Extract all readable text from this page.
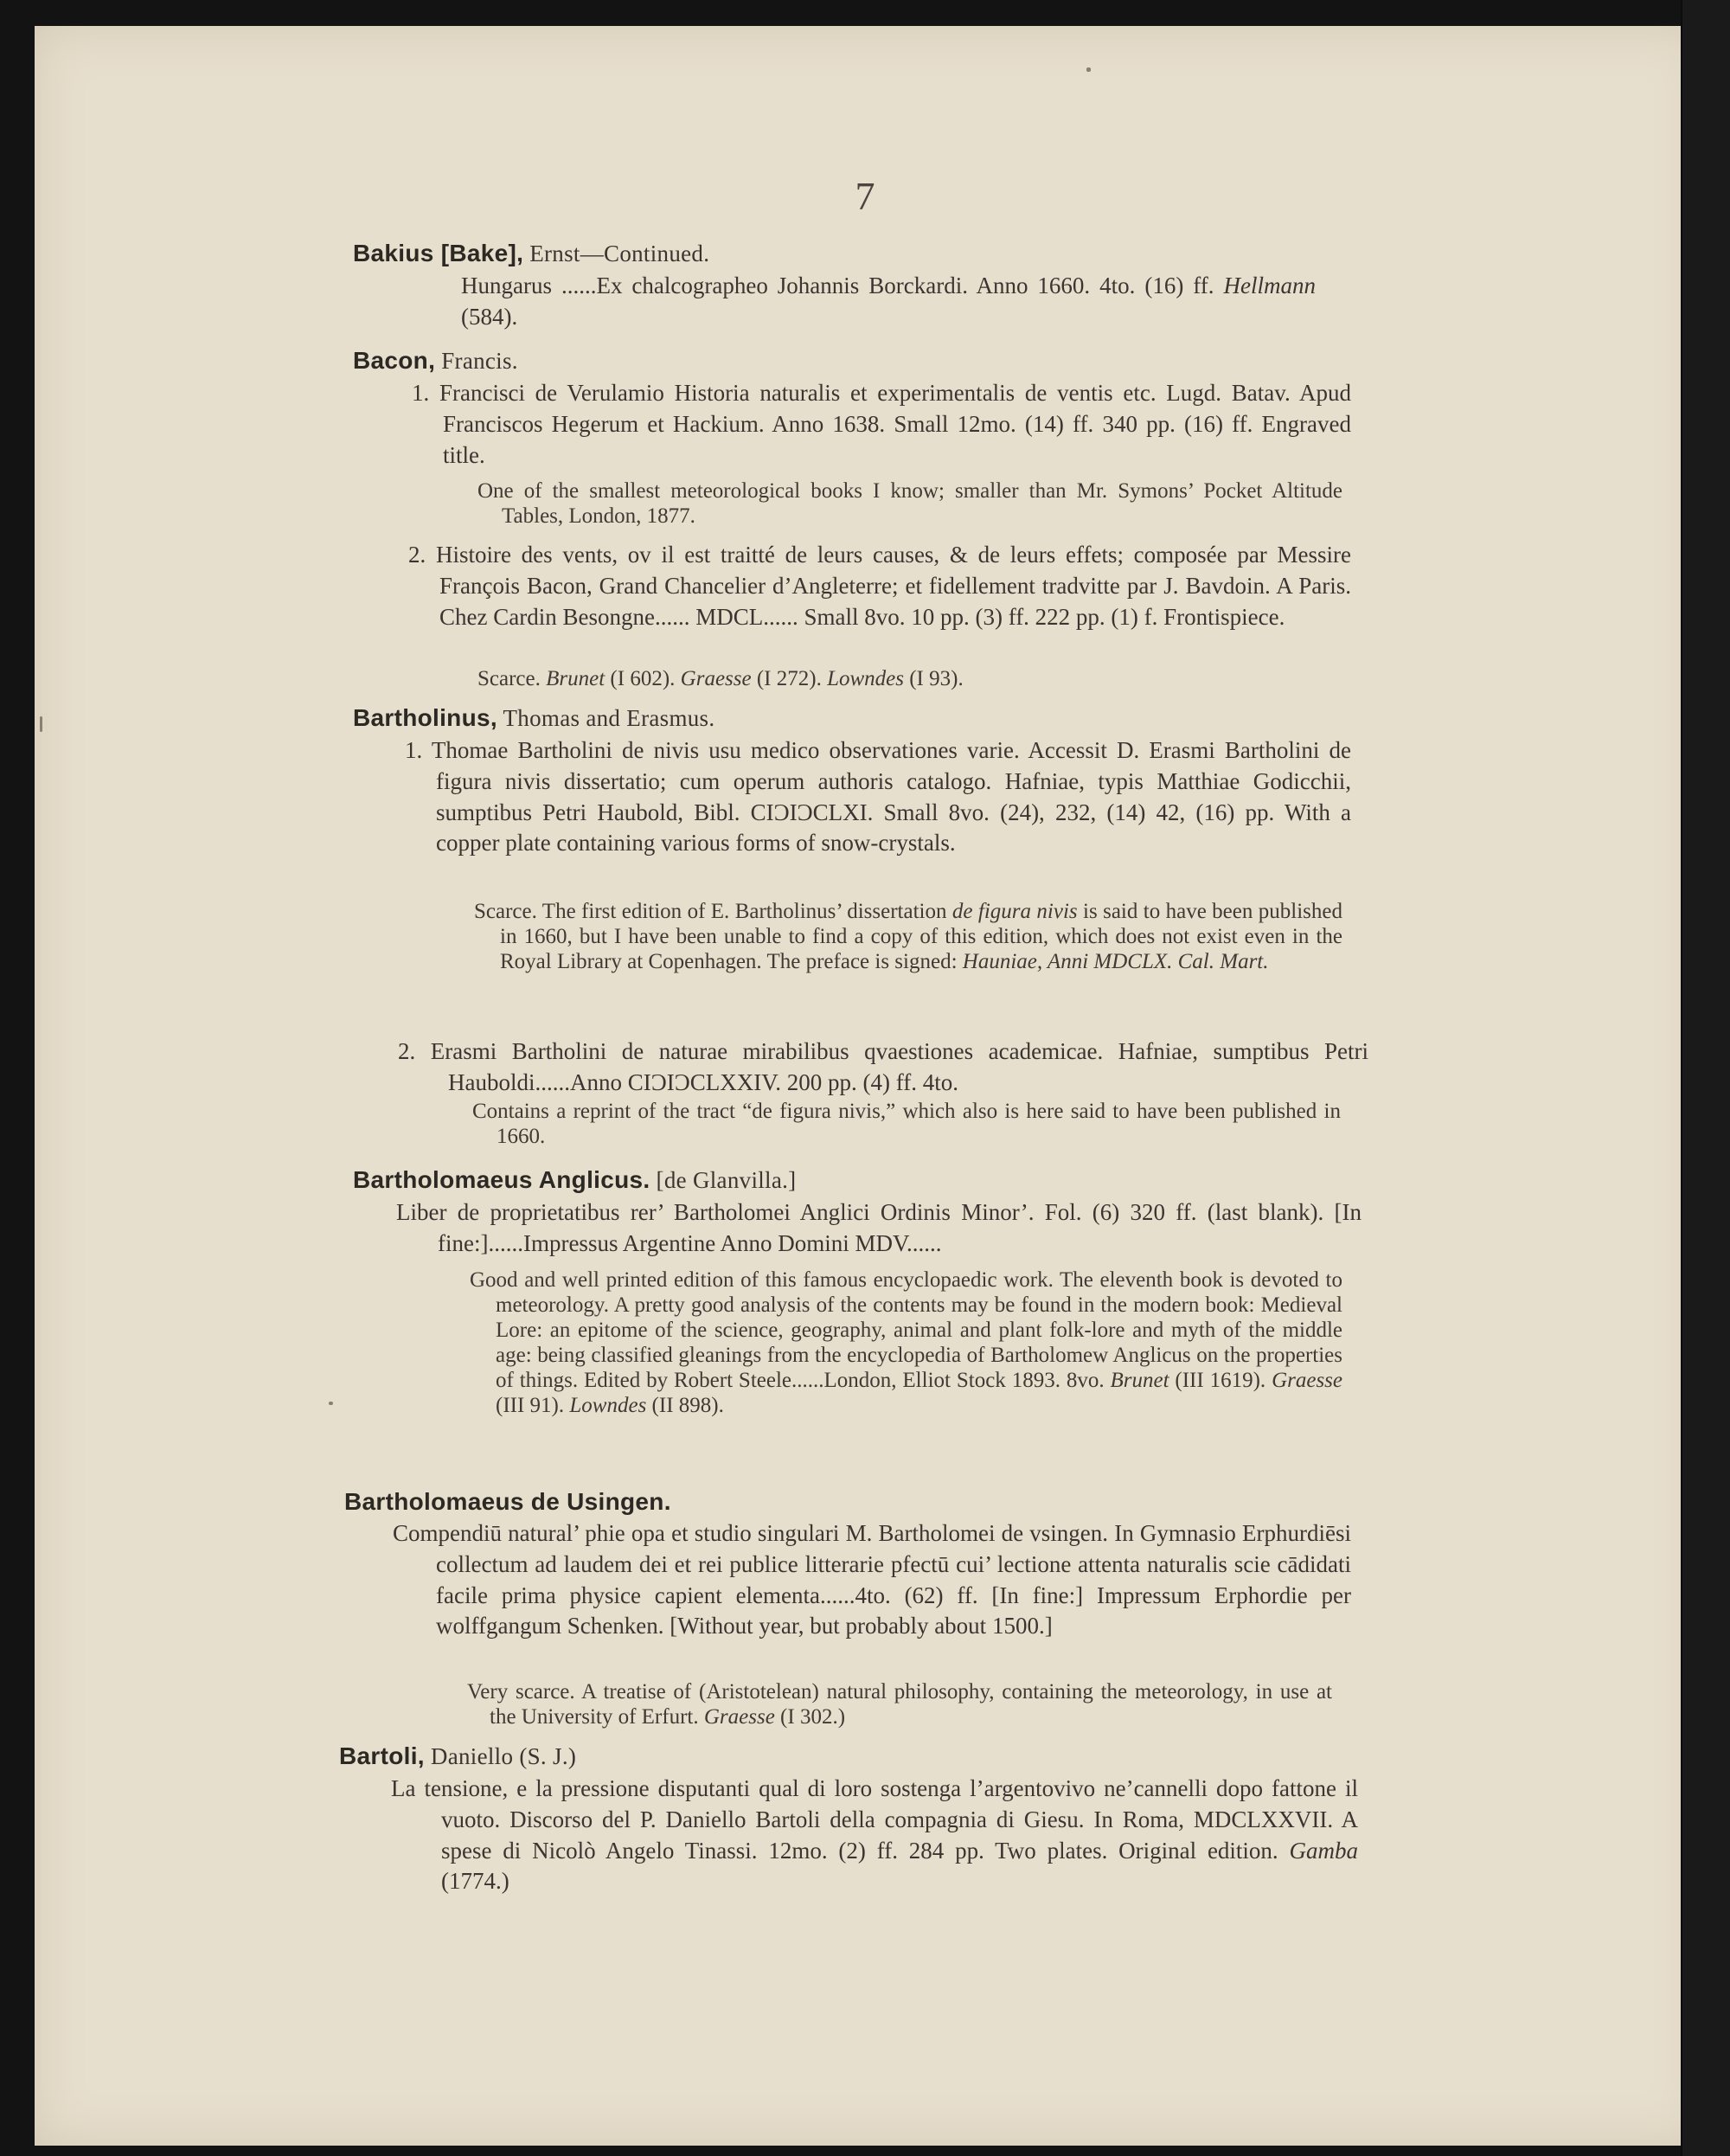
7
Bakius [Bake], Ernst—Continued.

Hungarus ......Ex chalcographeo Johannis Borckardi. Anno 1660. 4to. (16) ff. Hellmann (584).

Bacon, Francis.

1. Francisci de Verulamio Historia naturalis et experimentalis de ventis etc. Lugd. Batav. Apud Franciscos Hegerum et Hackium. Anno 1638. Small 12mo. (14) ff. 340 pp. (16) ff. Engraved title.

One of the smallest meteorological books I know; smaller than Mr. Symons’ Pocket Altitude Tables, London, 1877.

2. Histoire des vents, ov il est traitté de leurs causes, & de leurs effets; composée par Messire François Bacon, Grand Chancelier d’Angleterre; et fidellement tradvitte par J. Bavdoin. A Paris. Chez Cardin Besongne...... MDCL...... Small 8vo. 10 pp. (3) ff. 222 pp. (1) f. Frontispiece.

Scarce. Brunet (I 602). Graesse (I 272). Lowndes (I 93).

Bartholinus, Thomas and Erasmus.

1. Thomae Bartholini de nivis usu medico observationes varie. Accessit D. Erasmi Bartholini de figura nivis dissertatio; cum operum authoris catalogo. Hafniae, typis Matthiae Godicchii, sumptibus Petri Haubold, Bibl. CIƆIƆCLXI. Small 8vo. (24), 232, (14) 42, (16) pp. With a copper plate containing various forms of snow-crystals.

Scarce. The first edition of E. Bartholinus’ dissertation de figura nivis is said to have been published in 1660, but I have been unable to find a copy of this edition, which does not exist even in the Royal Library at Copenhagen. The preface is signed: Hauniae, Anni MDCLX. Cal. Mart.

2. Erasmi Bartholini de naturae mirabilibus qvaestiones academicae. Hafniae, sumptibus Petri Hauboldi......Anno CIƆIƆCLXXIV. 200 pp. (4) ff. 4to.

Contains a reprint of the tract “de figura nivis,” which also is here said to have been published in 1660.

Bartholomaeus Anglicus. [de Glanvilla.]

Liber de proprietatibus rer’ Bartholomei Anglici Ordinis Minor’. Fol. (6) 320 ff. (last blank). [In fine:]......Impressus Argentine Anno Domini MDV......

Good and well printed edition of this famous encyclopaedic work. The eleventh book is devoted to meteorology. A pretty good analysis of the contents may be found in the modern book: Medieval Lore: an epitome of the science, geography, animal and plant folk-lore and myth of the middle age: being classified gleanings from the encyclopedia of Bartholomew Anglicus on the properties of things. Edited by Robert Steele......London, Elliot Stock 1893. 8vo. Brunet (III 1619). Graesse (III 91). Lowndes (II 898).

Bartholomaeus de Usingen.

Compendiū natural’ phie opa et studio singulari M. Bartholomei de vsingen. In Gymnasio Erphurdiēsi collectum ad laudem dei et rei publice litterarie pfectū cui’ lectione attenta naturalis scie cādidati facile prima physice capient elementa......4to. (62) ff. [In fine:] Impressum Erphordie per wolffgangum Schenken. [Without year, but probably about 1500.]

Very scarce. A treatise of (Aristotelean) natural philosophy, containing the meteorology, in use at the University of Erfurt. Graesse (I 302.)

Bartoli, Daniello (S. J.)

La tensione, e la pressione disputanti qual di loro sostenga l’argentovivo ne’cannelli dopo fattone il vuoto. Discorso del P. Daniello Bartoli della compagnia di Giesu. In Roma, MDCLXXVII. A spese di Nicolò Angelo Tinassi. 12mo. (2) ff. 284 pp. Two plates. Original edition. Gamba (1774.)
